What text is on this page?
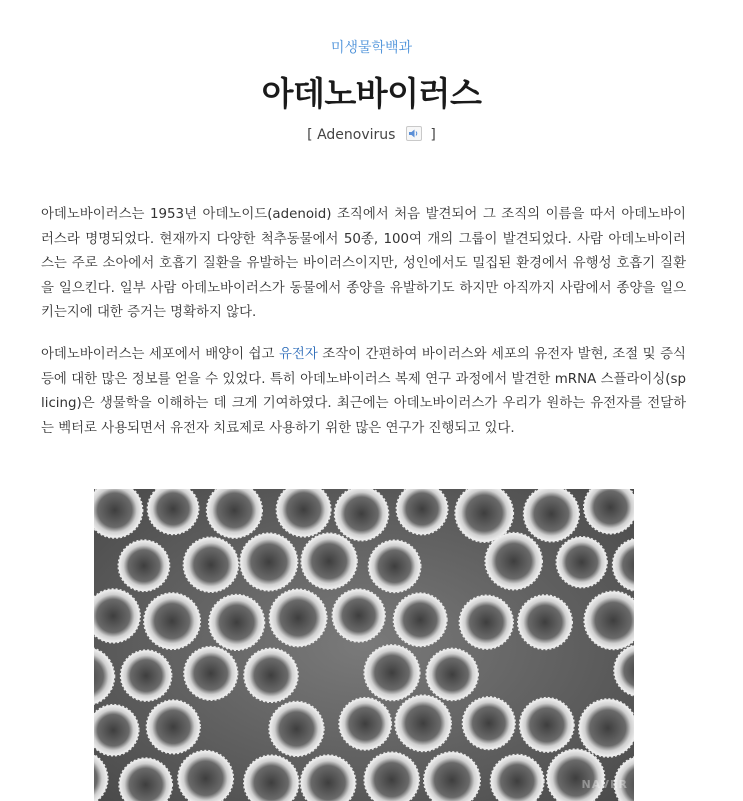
미생물학백과
아데노바이러스
[ Adenovirus ]

아데노바이러스는 1953년 아데노이드(adenoid) 조직에서 처음 발견되어 그 조직의 이름을 따서 아데노바이러스라 명명되었다. 현재까지 다양한 척추동물에서 50종, 100여 개의 그룹이 발견되었다. 사람 아데노바이러스는 주로 소아에서 호흡기 질환을 유발하는 바이러스이지만, 성인에서도 밀집된 환경에서 유행성 호흡기 질환을 일으킨다. 일부 사람 아데노바이러스가 동물에서 종양을 유발하기도 하지만 아직까지 사람에서 종양을 일으키는지에 대한 증거는 명확하지 않다.

아데노바이러스는 세포에서 배양이 쉽고 유전자 조작이 간편하여 바이러스와 세포의 유전자 발현, 조절 및 증식 등에 대한 많은 정보를 얻을 수 있었다. 특히 아데노바이러스 복제 연구 과정에서 발견한 mRNA 스플라이싱(splicing)은 생물학을 이해하는 데 크게 기여하였다. 최근에는 아데노바이러스가 우리가 원하는 유전자를 전달하는 벡터로 사용되면서 유전자 치료제로 사용하기 위한 많은 연구가 진행되고 있다.

NAVER
